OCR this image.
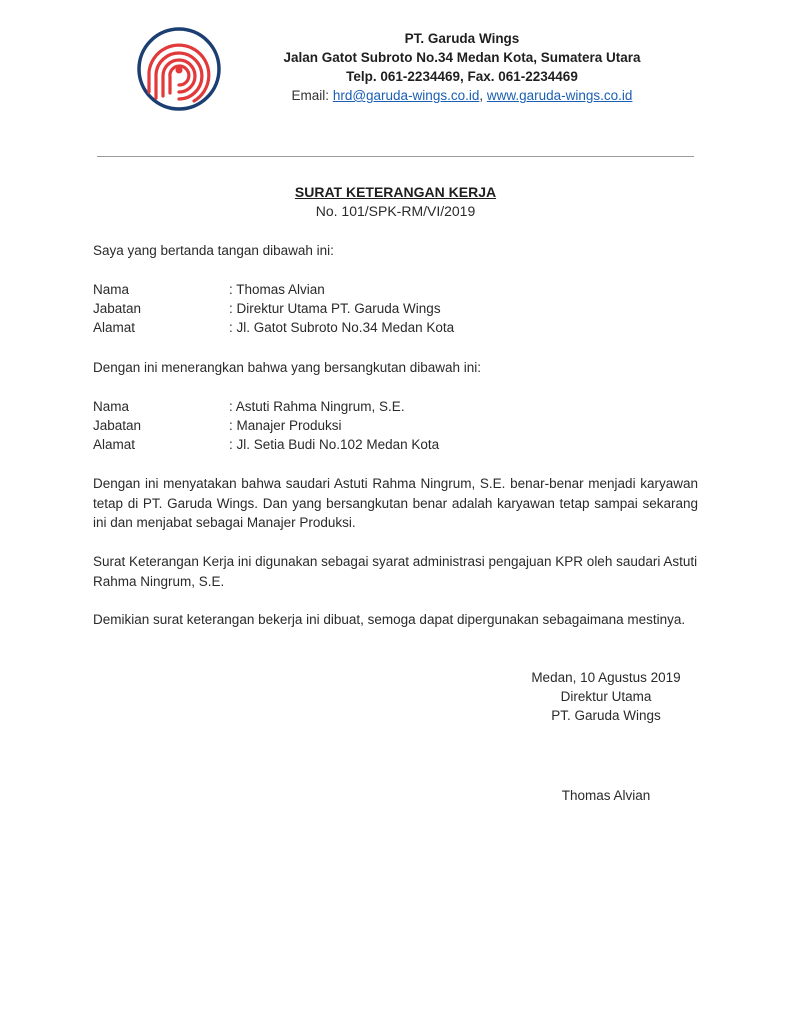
PT. Garuda Wings
Jalan Gatot Subroto No.34 Medan Kota, Sumatera Utara
Telp. 061-2234469, Fax. 061-2234469
Email: hrd@garuda-wings.co.id, www.garuda-wings.co.id
SURAT KETERANGAN KERJA
No. 101/SPK-RM/VI/2019
Saya yang bertanda tangan dibawah ini:
Nama	: Thomas Alvian
Jabatan	: Direktur Utama PT. Garuda Wings
Alamat	: Jl. Gatot Subroto No.34 Medan Kota
Dengan ini menerangkan bahwa yang bersangkutan dibawah ini:
Nama	: Astuti Rahma Ningrum, S.E.
Jabatan	: Manajer Produksi
Alamat	: Jl. Setia Budi No.102 Medan Kota
Dengan ini menyatakan bahwa saudari Astuti Rahma Ningrum, S.E. benar-benar menjadi karyawan tetap di PT. Garuda Wings. Dan yang bersangkutan benar adalah karyawan tetap sampai sekarang ini dan menjabat sebagai Manajer Produksi.
Surat Keterangan Kerja ini digunakan sebagai syarat administrasi pengajuan KPR oleh saudari Astuti Rahma Ningrum, S.E.
Demikian surat keterangan bekerja ini dibuat, semoga dapat dipergunakan sebagaimana mestinya.
Medan, 10 Agustus 2019
Direktur Utama
PT. Garuda Wings
Thomas Alvian
